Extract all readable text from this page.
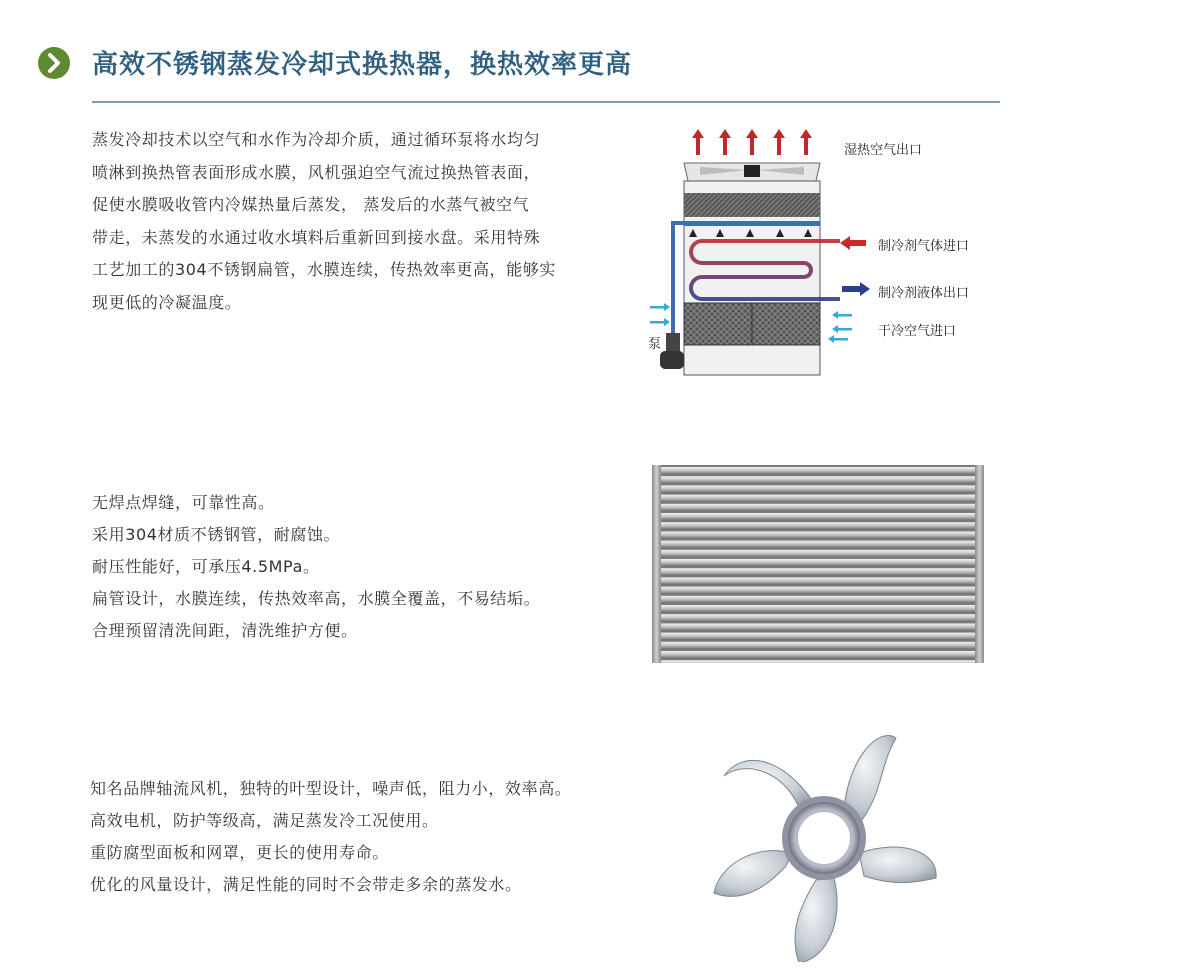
高效不锈钢蒸发冷却式换热器，换热效率更高
蒸发冷却技术以空气和水作为冷却介质，通过循环泵将水均匀
喷淋到换热管表面形成水膜，风机强迫空气流过换热管表面，
促使水膜吸收管内冷媒热量后蒸发， 蒸发后的水蒸气被空气
带走，未蒸发的水通过收水填料后重新回到接水盘。采用特殊
工艺加工的304不锈钢扁管，水膜连续，传热效率更高，能够实
现更低的冷凝温度。
湿热空气出口
制冷剂气体进口
制冷剂液体出口
干冷空气进口
泵
无焊点焊缝，可靠性高。
采用304材质不锈钢管，耐腐蚀。
耐压性能好，可承压4.5MPa。
扁管设计，水膜连续，传热效率高，水膜全覆盖，不易结垢。
合理预留清洗间距，清洗维护方便。
知名品牌轴流风机，独特的叶型设计，噪声低，阻力小，效率高。
高效电机，防护等级高，满足蒸发冷工况使用。
重防腐型面板和网罩，更长的使用寿命。
优化的风量设计，满足性能的同时不会带走多余的蒸发水。
